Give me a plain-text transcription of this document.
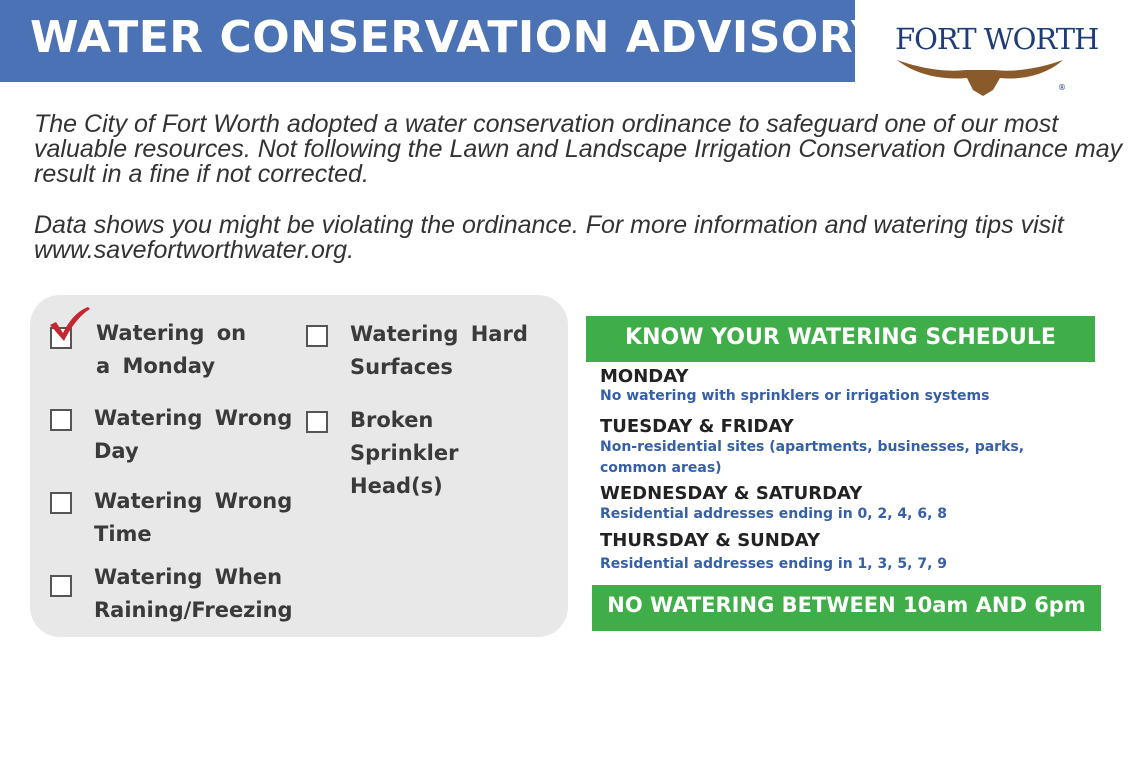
WATER CONSERVATION ADVISORY FORT WORTH
®
The City of Fort Worth adopted a water conservation ordinance to safeguard one of our most valuable resources. Not following the Lawn and Landscape Irrigation Conservation Ordinance may result in a fine if not corrected.
Data shows you might be violating the ordinance. For more information and watering tips visit www.savefortworthwater.org.
Watering on a Monday
Watering Wrong Day
Watering Wrong Time
Watering When Raining/Freezing
Watering Hard Surfaces
Broken Sprinkler Head(s)
KNOW YOUR WATERING SCHEDULE
MONDAY
No watering with sprinklers or irrigation systems
TUESDAY & FRIDAY
Non-residential sites (apartments, businesses, parks, common areas)
WEDNESDAY & SATURDAY
Residential addresses ending in 0, 2, 4, 6, 8
THURSDAY & SUNDAY
Residential addresses ending in 1, 3, 5, 7, 9
NO WATERING BETWEEN 10am AND 6pm
